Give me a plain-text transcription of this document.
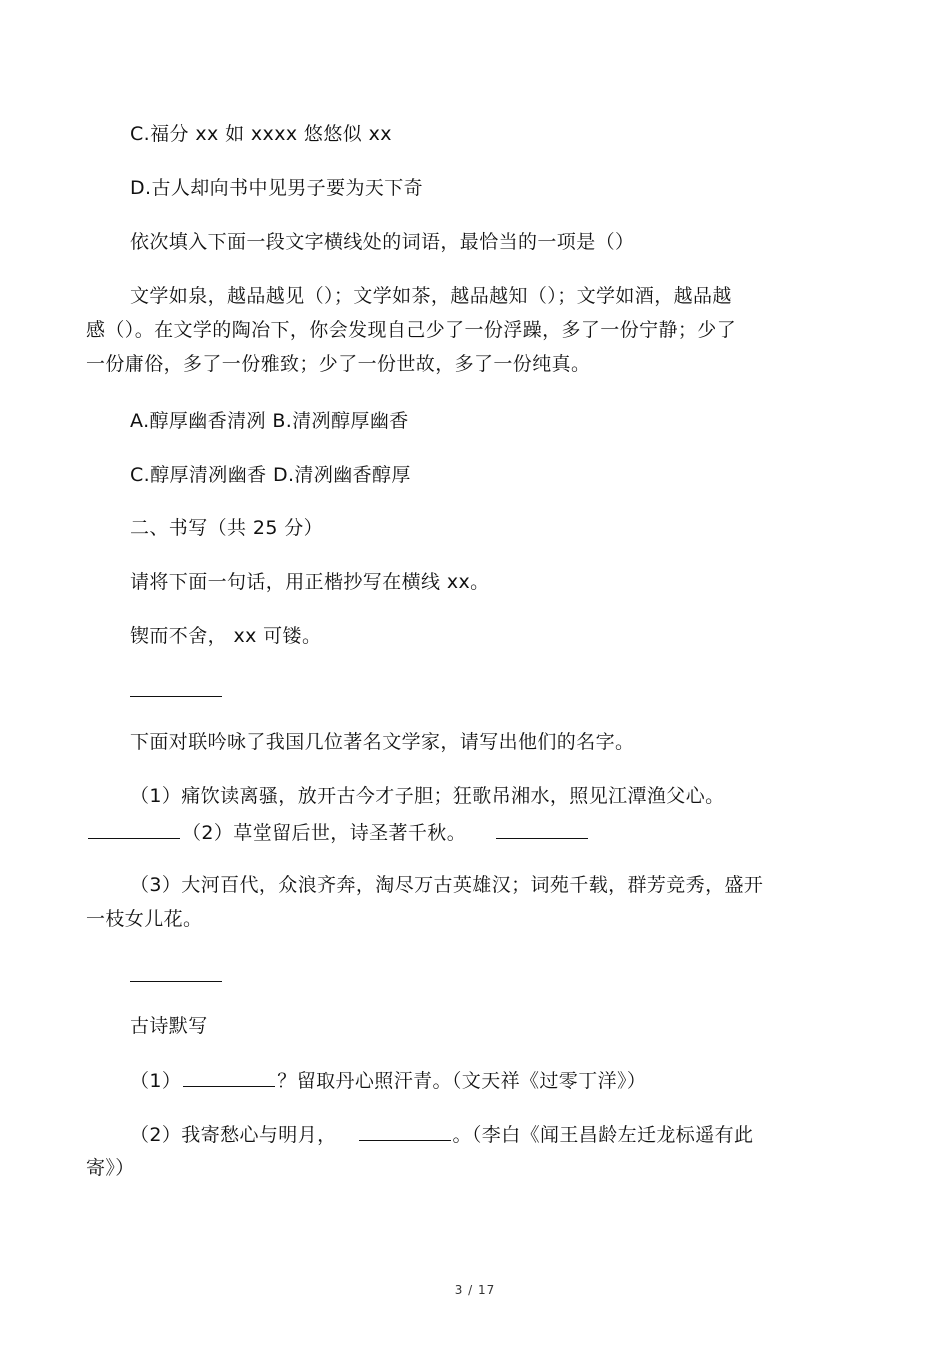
C.福分 xx 如 xxxx 悠悠似 xx

D.古人却向书中见男子要为天下奇

依次填入下面一段文字横线处的词语，最恰当的一项是（）

文学如泉，越品越见（）；文学如茶，越品越知（）；文学如酒，越品越

感（）。在文学的陶冶下，你会发现自己少了一份浮躁，多了一份宁静；少了

一份庸俗，多了一份雅致；少了一份世故，多了一份纯真。

A.醇厚幽香清冽 B.清冽醇厚幽香

C.醇厚清冽幽香 D.清冽幽香醇厚

二、书写（共 25 分）

请将下面一句话，用正楷抄写在横线 xx。

锲而不舍， xx 可镂。

下面对联吟咏了我国几位著名文学家，请写出他们的名字。

（1）痛饮读离骚，放开古今才子胆；狂歌吊湘水，照见江潭渔父心。

（2）草堂留后世，诗圣著千秋。

（3）大河百代，众浪齐奔，淘尽万古英雄汉；词苑千载，群芳竞秀，盛开

一枝女儿花。

古诗默写

（1）	？留取丹心照汗青。（文天祥《过零丁洋》）

（2）我寄愁心与明月，	。（李白《闻王昌龄左迁龙标遥有此

寄》）

3 / 17
